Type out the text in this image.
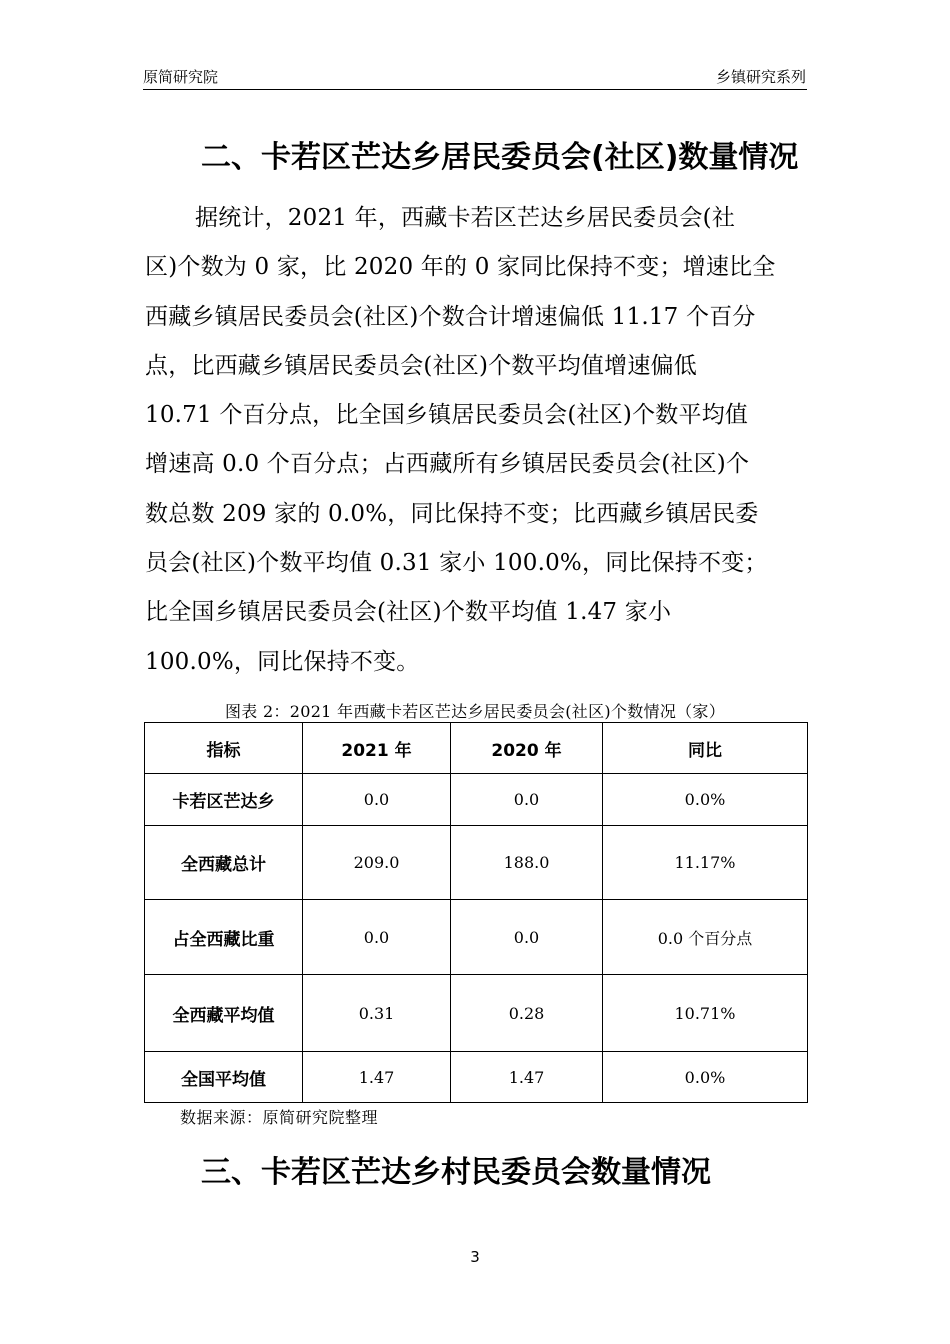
原简研究院	乡镇研究系列
二、卡若区芒达乡居民委员会(社区)数量情况
据统计，2021 年，西藏卡若区芒达乡居民委员会(社
区)个数为 0 家，比 2020 年的 0 家同比保持不变；增速比全
西藏乡镇居民委员会(社区)个数合计增速偏低 11.17 个百分
点，比西藏乡镇居民委员会(社区)个数平均值增速偏低
10.71 个百分点，比全国乡镇居民委员会(社区)个数平均值
增速高 0.0 个百分点；占西藏所有乡镇居民委员会(社区)个
数总数 209 家的 0.0%，同比保持不变；比西藏乡镇居民委
员会(社区)个数平均值 0.31 家小 100.0%，同比保持不变；
比全国乡镇居民委员会(社区)个数平均值 1.47 家小
100.0%，同比保持不变。
图表 2：2021 年西藏卡若区芒达乡居民委员会(社区)个数情况（家）
指标	2021 年	2020 年	同比
卡若区芒达乡	0.0	0.0	0.0%
全西藏总计	209.0	188.0	11.17%
占全西藏比重	0.0	0.0	0.0 个百分点
全西藏平均值	0.31	0.28	10.71%
全国平均值	1.47	1.47	0.0%
数据来源：原简研究院整理
三、卡若区芒达乡村民委员会数量情况
3
